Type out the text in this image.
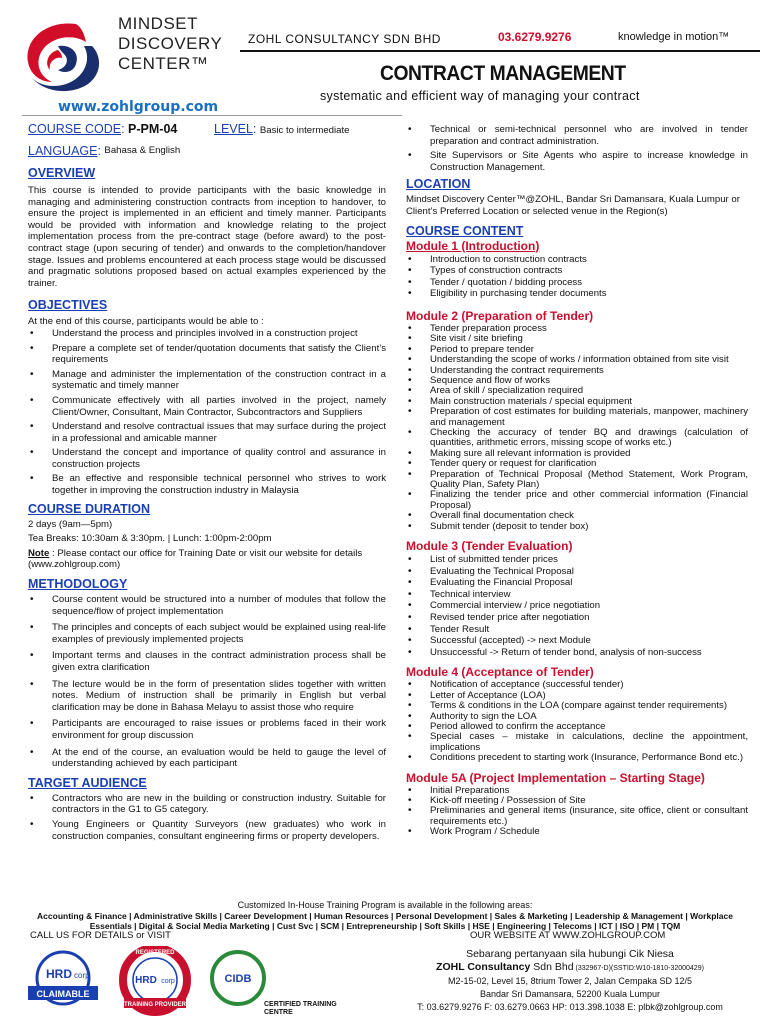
MINDSET
DISCOVERY
CENTER™
www.zohlgroup.com
ZOHL CONSULTANCY SDN BHD	03.6279.9276	knowledge in motion™
CONTRACT MANAGEMENT
systematic and efficient way of managing your contract
COURSE CODE: P-PM-04	LEVEL: Basic to intermediate
LANGUAGE : Bahasa & English
OVERVIEW

This course is intended to provide participants with the basic knowledge in managing and administering construction contracts from inception to handover, to ensure the project is implemented in an efficient and timely manner. Participants would be provided with information and knowledge relating to the project implementation process from the pre-contract stage (before award) to the post-contract stage (upon securing of tender) and onwards to the completion/handover stage. Issues and problems encountered at each process stage would be discussed and pragmatic solutions proposed based on actual examples experienced by the trainer.

OBJECTIVES

At the end of this course, participants would be able to :

• Understand the process and principles involved in a construction project
• Prepare a complete set of tender/quotation documents that satisfy the Client’s requirements
• Manage and administer the implementation of the construction contract in a systematic and timely manner
• Communicate effectively with all parties involved in the project, namely Client/Owner, Consultant, Main Contractor, Subcontractors and Suppliers
• Understand and resolve contractual issues that may surface during the project in a professional and amicable manner
• Understand the concept and importance of quality control and assurance in construction projects
• Be an effective and responsible technical personnel who strives to work together in improving the construction industry in Malaysia
COURSE DURATION

2 days (9am—5pm)

Tea Breaks: 10:30am & 3:30pm. | Lunch: 1:00pm-2:00pm

Note : Please contact our office for Training Date or visit our website for details (www.zohlgroup.com)

METHODOLOGY
• Course content would be structured into a number of modules that follow the sequence/flow of project implementation
• The principles and concepts of each subject would be explained using real-life examples of previously implemented projects
• Important terms and clauses in the contract administration process shall be given extra clarification
• The lecture would be in the form of presentation slides together with written notes. Medium of instruction shall be primarily in English but verbal clarification may be done in Bahasa Melayu to assist those who require
• Participants are encouraged to raise issues or problems faced in their work environment for group discussion
• At the end of the course, an evaluation would be held to gauge the level of understanding achieved by each participant
TARGET AUDIENCE
• Contractors who are new in the building or construction industry. Suitable for contractors in the G1 to G5 category.
• Young Engineers or Quantity Surveyors (new graduates) who work in construction companies, consultant engineering firms or property developers.
• Technical or semi-technical personnel who are involved in tender preparation and contract administration.
• Site Supervisors or Site Agents who aspire to increase knowledge in Construction Management.
LOCATION

Mindset Discovery Center™@ZOHL, Bandar Sri Damansara, Kuala Lumpur or Client’s Preferred Location or selected venue in the Region(s)

COURSE CONTENT
Module 1 (Introduction)
• Introduction to construction contracts
• Types of construction contracts
• Tender / quotation / bidding process
• Eligibility in purchasing tender documents
Module 2 (Preparation of Tender)
• Tender preparation process
• Site visit / site briefing
• Period to prepare tender
• Understanding the scope of works / information obtained from site visit
• Understanding the contract requirements
• Sequence and flow of works
• Area of skill / specialization required
• Main construction materials / special equipment
• Preparation of cost estimates for building materials, manpower, machinery and management
• Checking the accuracy of tender BQ and drawings (calculation of quantities, arithmetic errors, missing scope of works etc.)
• Making sure all relevant information is provided
• Tender query or request for clarification
• Preparation of Technical Proposal (Method Statement, Work Program, Quality Plan, Safety Plan)
• Finalizing the tender price and other commercial information (Financial Proposal)
• Overall final documentation check
• Submit tender (deposit to tender box)
Module 3 (Tender Evaluation)
• List of submitted tender prices
• Evaluating the Technical Proposal
• Evaluating the Financial Proposal
• Technical interview
• Commercial interview / price negotiation
• Revised tender price after negotiation
• Tender Result
• Successful (accepted) -> next Module
• Unsuccessful -> Return of tender bond, analysis of non-success
Module 4 (Acceptance of Tender)
• Notification of acceptance (successful tender)
• Letter of Acceptance (LOA)
• Terms & conditions in the LOA (compare against tender requirements)
• Authority to sign the LOA
• Period allowed to confirm the acceptance
• Special cases – mistake in calculations, decline the appointment, implications
• Conditions precedent to starting work (Insurance, Performance Bond etc.)
Module 5A (Project Implementation – Starting Stage)
• Initial Preparations
• Kick-off meeting / Possession of Site
• Preliminaries and general items (insurance, site office, client or consultant requirements etc.)
• Work Program / Schedule
Customized In-House Training Program is available in the following areas:
Accounting & Finance | Administrative Skills | Career Development | Human Resources | Personal Development | Sales & Marketing | Leadership & Management | Workplace Essentials | Digital & Social Media Marketing | Cust Svc | SCM | Entrepreneurship | Soft Skills | HSE | Engineering | Telecoms | ICT | ISO | PM | TQM
CALL US FOR DETAILS or VISIT	OUR WEBSITE AT WWW.ZOHLGROUP.COM
HRD corp
CLAIMABLE
REGISTERED
HRD corp
TRAINING PROVIDER
CIDB
CERTIFIED TRAINING
CENTRE
Sebarang pertanyaan sila hubungi Cik Niesa
ZOHL Consultancy Sdn Bhd (332967-D)(SSTID:W10-1810-32000429)
M2-15-02, Level 15, 8trium Tower 2, Jalan Cempaka SD 12/5
Bandar Sri Damansara, 52200 Kuala Lumpur
T: 03.6279.9276 F: 03.6279.0663 HP: 013.398.1038 E: plbk@zohlgroup.com
